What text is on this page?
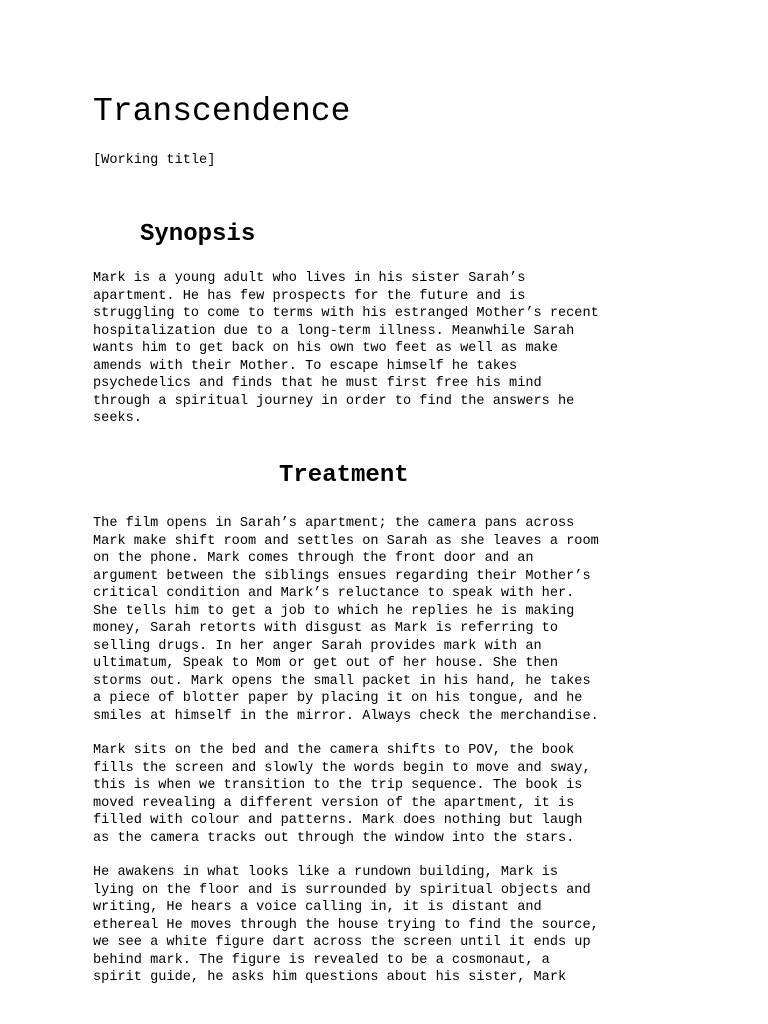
Transcendence

[Working title]

Synopsis

Mark is a young adult who lives in his sister Sarah’s
apartment. He has few prospects for the future and is
struggling to come to terms with his estranged Mother’s recent
hospitalization due to a long-term illness. Meanwhile Sarah
wants him to get back on his own two feet as well as make
amends with their Mother. To escape himself he takes
psychedelics and finds that he must first free his mind
through a spiritual journey in order to find the answers he
seeks.

Treatment

The film opens in Sarah’s apartment; the camera pans across
Mark make shift room and settles on Sarah as she leaves a room
on the phone. Mark comes through the front door and an
argument between the siblings ensues regarding their Mother’s
critical condition and Mark’s reluctance to speak with her.
She tells him to get a job to which he replies he is making
money, Sarah retorts with disgust as Mark is referring to
selling drugs. In her anger Sarah provides mark with an
ultimatum, Speak to Mom or get out of her house. She then
storms out. Mark opens the small packet in his hand, he takes
a piece of blotter paper by placing it on his tongue, and he
smiles at himself in the mirror. Always check the merchandise.

Mark sits on the bed and the camera shifts to POV, the book
fills the screen and slowly the words begin to move and sway,
this is when we transition to the trip sequence. The book is
moved revealing a different version of the apartment, it is
filled with colour and patterns. Mark does nothing but laugh
as the camera tracks out through the window into the stars.

He awakens in what looks like a rundown building, Mark is
lying on the floor and is surrounded by spiritual objects and
writing, He hears a voice calling in, it is distant and
ethereal He moves through the house trying to find the source,
we see a white figure dart across the screen until it ends up
behind mark. The figure is revealed to be a cosmonaut, a
spirit guide, he asks him questions about his sister, Mark
